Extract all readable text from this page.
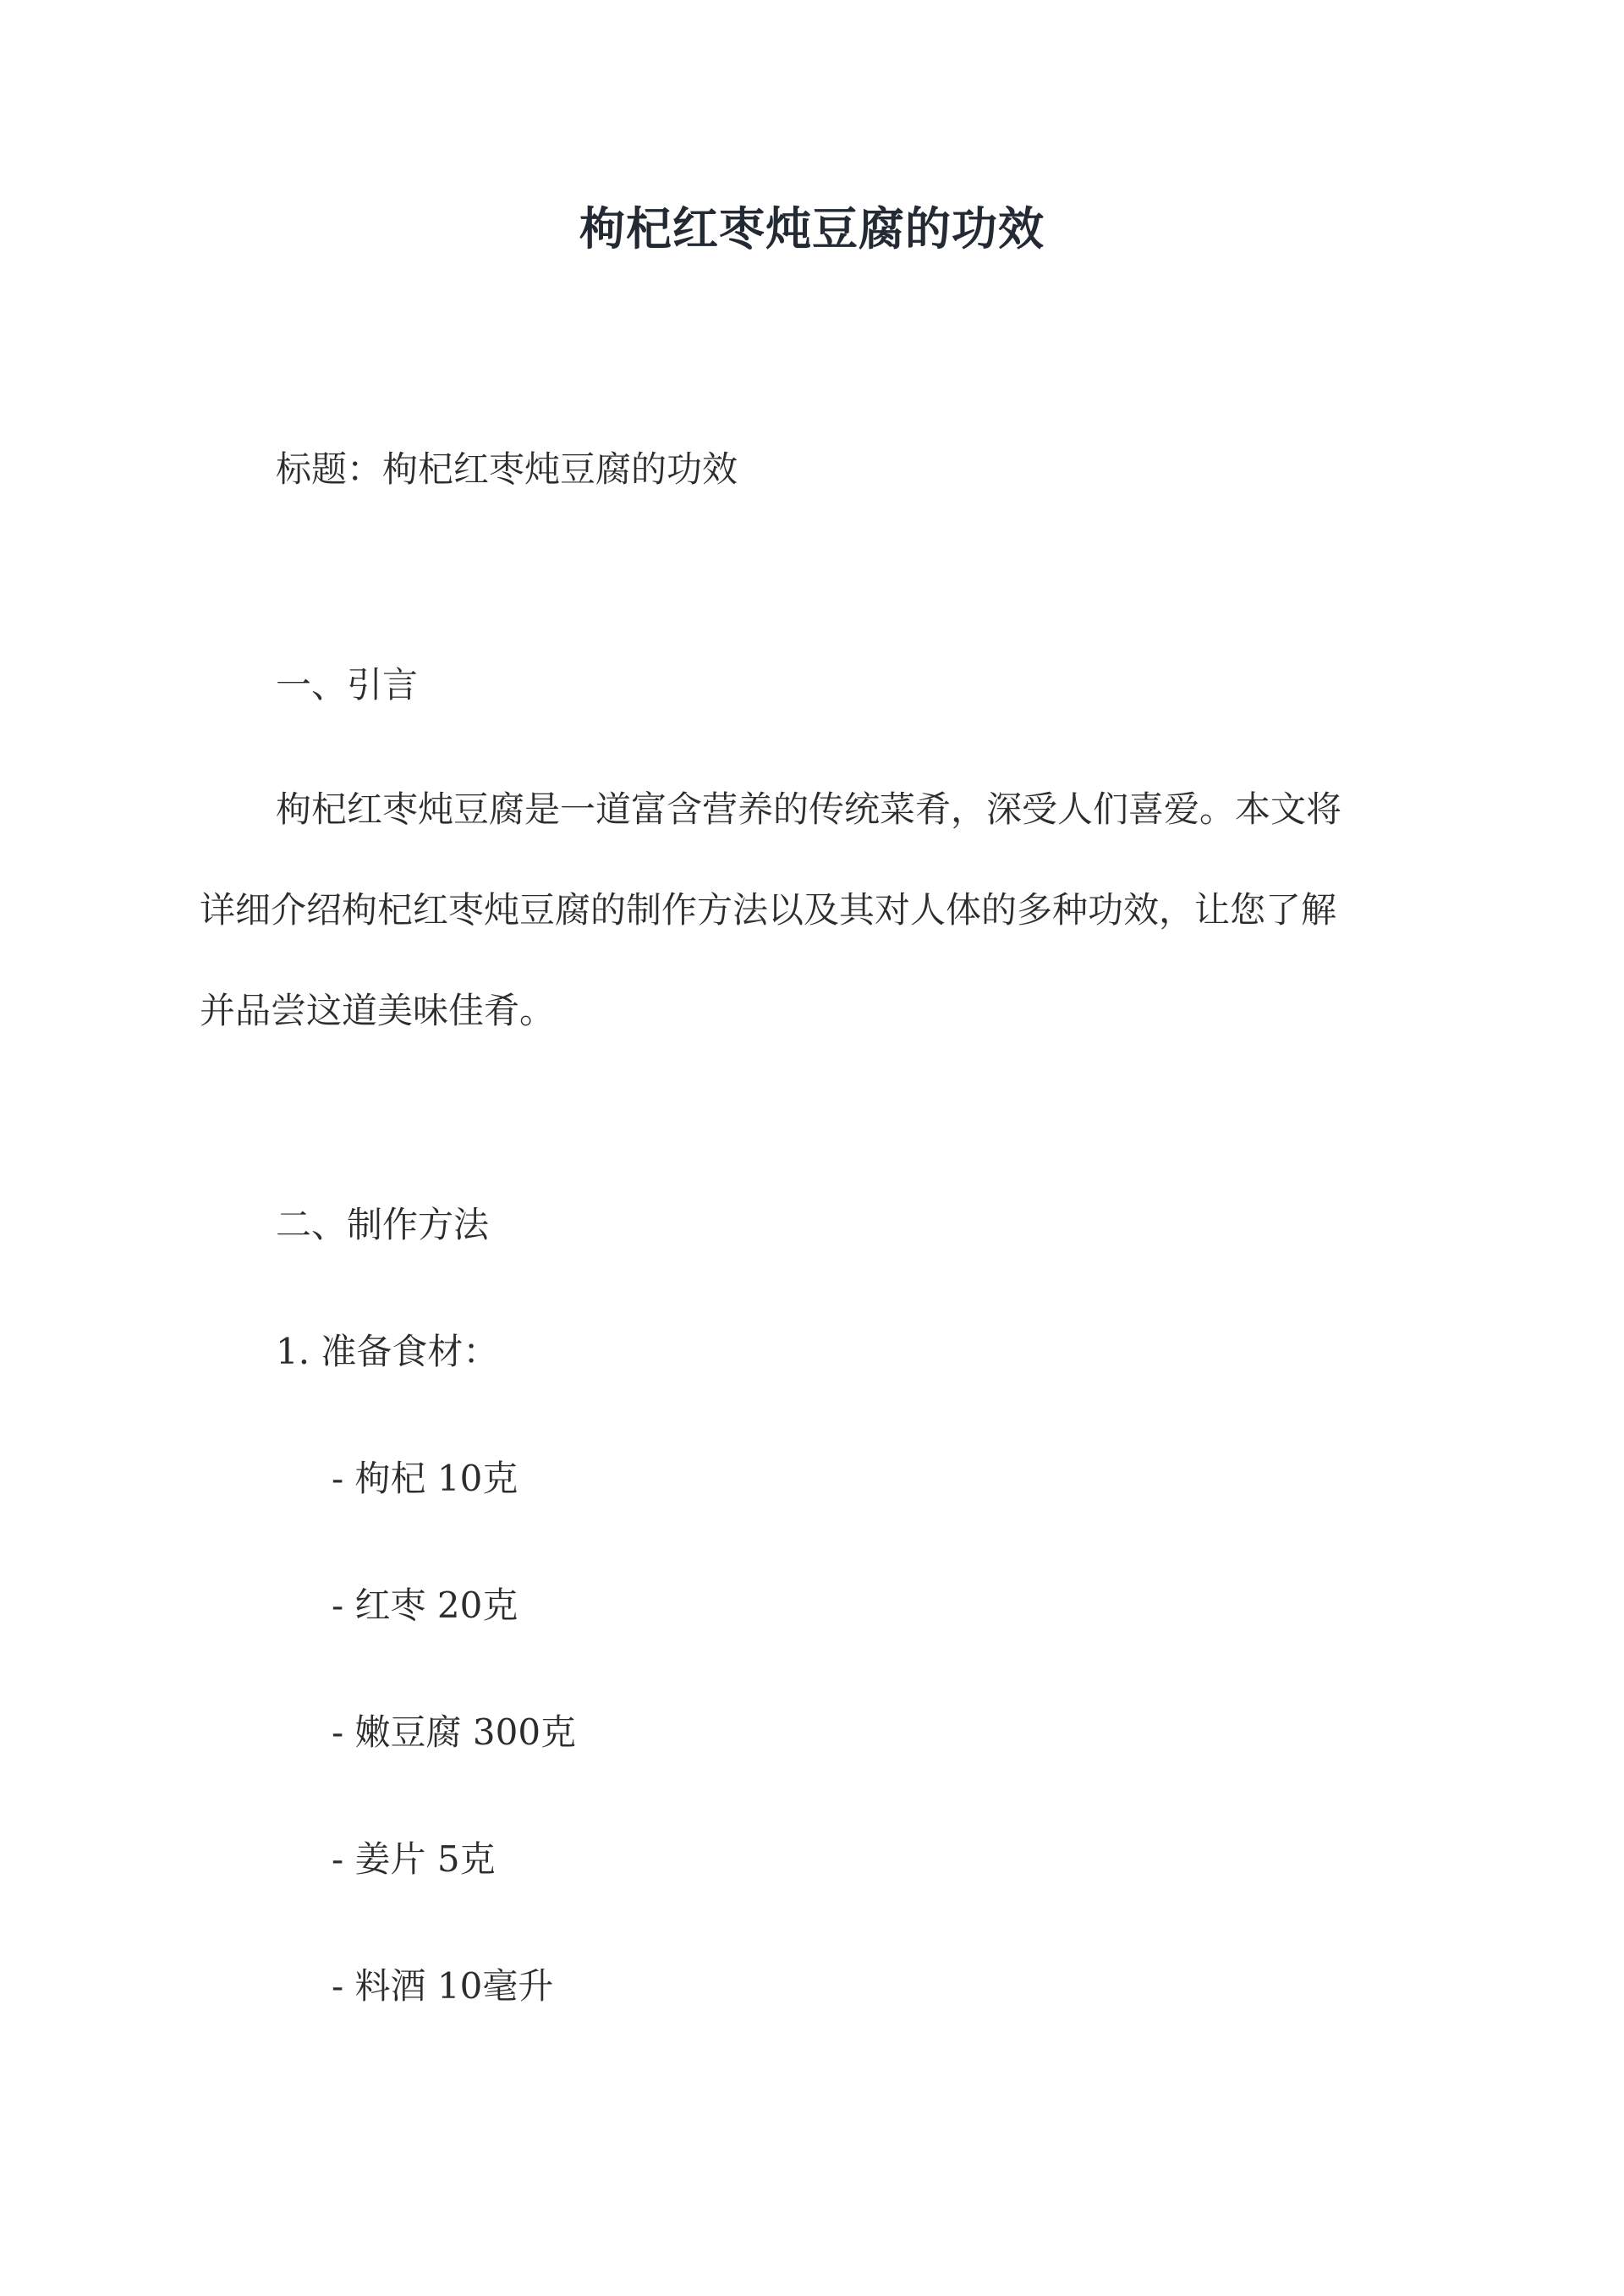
枸杞红枣炖豆腐的功效
标题：枸杞红枣炖豆腐的功效
一、引言
枸杞红枣炖豆腐是一道富含营养的传统菜肴，深受人们喜爱。本文将
详细介绍枸杞红枣炖豆腐的制作方法以及其对人体的多种功效，让您了解
并品尝这道美味佳肴。
二、制作方法
1. 准备食材：
- 枸杞 10克
- 红枣 20克
- 嫩豆腐 300克
- 姜片 5克
- 料酒 10毫升
